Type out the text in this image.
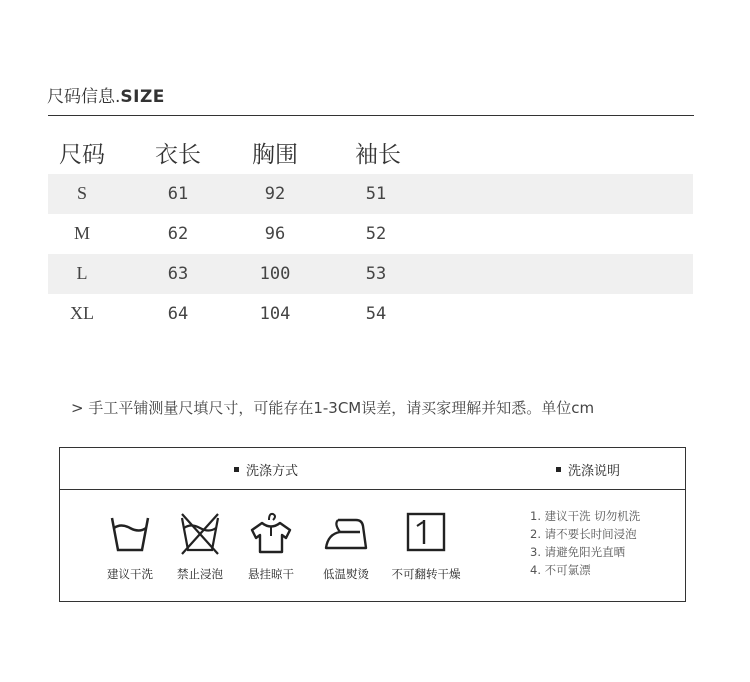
尺码信息.SIZE
尺码 衣长 胸围 袖长
S	61	92	51
M	62	96	52
L	63	100	53
XL	64	104	54
> 手工平铺测量尺填尺寸，可能存在1-3CM误差，请买家理解并知悉。单位cm
洗涤方式	洗涤说明
建议干洗 禁止浸泡 悬挂晾干	低温熨烫 不可翻转干燥
1. 建议干洗 切勿机洗
2. 请不要长时间浸泡
3. 请避免阳光直晒
4. 不可氯漂
